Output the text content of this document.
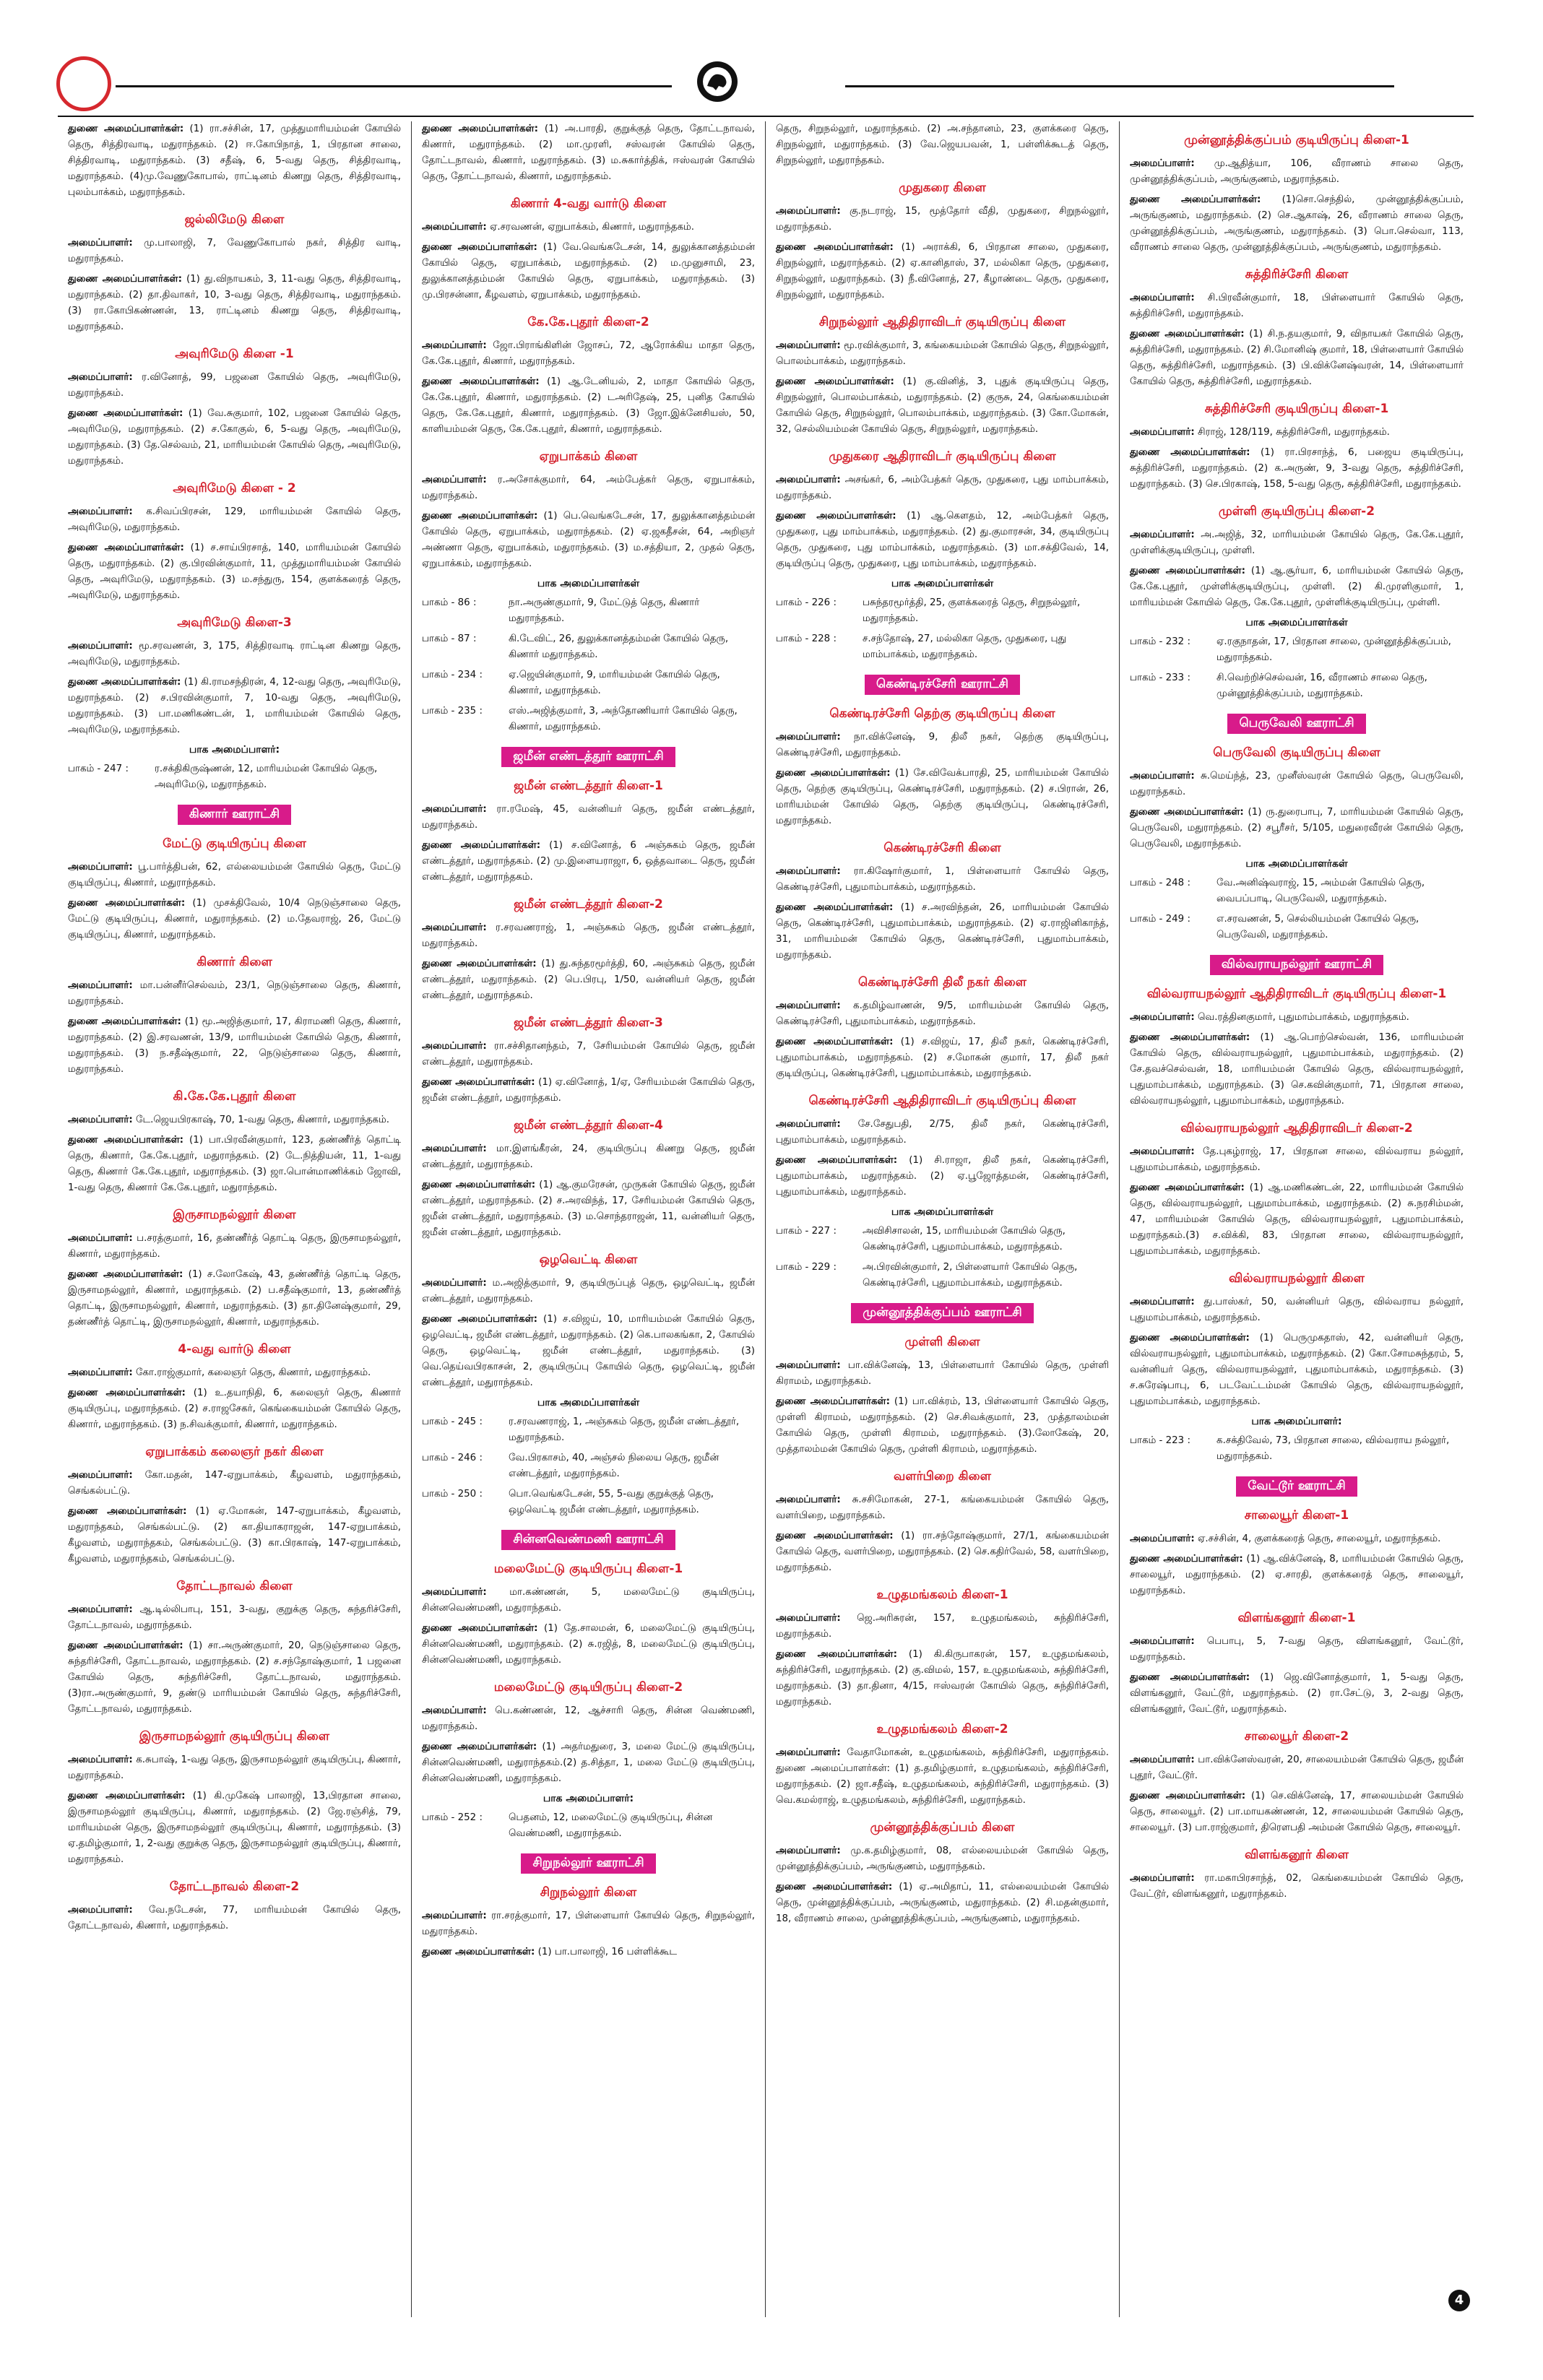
துணை அமைப்பாளர்கள்: (1) ரா.சச்சின், 17, முத்துமாரியம்மன் கோயில் தெரு, சித்திரவாடி, மதுராந்தகம். (2) ஈ.கோபிநாத், 1, பிரதான சாலை, சித்திரவாடி, மதுராந்தகம். (3) சதீஷ், 6, 5-வது தெரு, சித்திரவாடி, மதுராந்தகம். (4)மு.வேணுகோபால், ராட்டினம் கிணறு தெரு, சித்திரவாடி, புலம்பாக்கம், மதுராந்தகம்.

ஜல்லிமேடு கிளை

அமைப்பாளர்: மு.பாலாஜி, 7, வேணுகோபால் நகர், சித்திர வாடி, மதுராந்தகம்.

துணை அமைப்பாளர்கள்: (1) து.விநாயகம், 3, 11-வது தெரு, சித்திரவாடி, மதுராந்தகம். (2) தா.திவாகர், 10, 3-வது தெரு, சித்திரவாடி, மதுராந்தகம். (3) ரா.கோபிகண்ணன், 13, ராட்டினம் கிணறு தெரு, சித்திரவாடி, மதுராந்தகம்.

அவுரிமேடு கிளை -1

அமைப்பாளர்: ர.வினோத், 99, பஜனை கோயில் தெரு, அவுரிமேடு, மதுராந்தகம்.

துணை அமைப்பாளர்கள்: (1) வே.சுகுமார், 102, பஜனை கோயில் தெரு, அவுரிமேடு, மதுராந்தகம். (2) ச.கோகுல், 6, 5-வது தெரு, அவுரிமேடு, மதுராந்தகம். (3) தே.செல்வம், 21, மாரியம்மன் கோயில் தெரு, அவுரிமேடு, மதுராந்தகம்.

அவுரிமேடு கிளை - 2

அமைப்பாளர்: க.சிவப்பிரசன், 129, மாரியம்மன் கோயில் தெரு, அவுரிமேடு, மதுராந்தகம்.

துணை அமைப்பாளர்கள்: (1) ச.சாய்பிரசாத், 140, மாரியம்மன் கோயில் தெரு, மதுராந்தகம். (2) கு.பிரவின்குமார், 11, முத்துமாரியம்மன் கோயில் தெரு, அவுரிமேடு, மதுராந்தகம். (3) ம.சந்துரு, 154, குளக்கரைத் தெரு, அவுரிமேடு, மதுராந்தகம்.

அவுரிமேடு கிளை-3

அமைப்பாளர்: மூ.சரவணன், 3, 175, சித்திரவாடி ராட்டின கிணறு தெரு, அவுரிமேடு, மதுராந்தகம்.

துணை அமைப்பாளர்கள்: (1) கி.ராமசந்திரன், 4, 12-வது தெரு, அவுரிமேடு, மதுராந்தகம். (2) ச.பிரவின்குமார், 7, 10-வது தெரு, அவுரிமேடு, மதுராந்தகம். (3) பா.மணிகண்டன், 1, மாரியம்மன் கோயில் தெரு, அவுரிமேடு, மதுராந்தகம்.

பாக அமைப்பாளர்:
பாகம் - 247 :	ர.சக்திகிருஷ்ணன், 12, மாரியம்மன் கோயில் தெரு, அவுரிமேடு, மதுராந்தகம்.
கிணார் ஊராட்சி
மேட்டு குடியிருப்பு கிளை

அமைப்பாளர்: பூ.பார்த்திபன், 62, எல்லையம்மன் கோயில் தெரு, மேட்டு குடியிருப்பு, கிணார், மதுராந்தகம்.

துணை அமைப்பாளர்கள்: (1) முசக்திவேல், 10/4 நெடுஞ்சாலை தெரு, மேட்டு குடியிருப்பு, கிணார், மதுராந்தகம். (2) ம.தேவராஜ், 26, மேட்டு குடியிருப்பு, கிணார், மதுராந்தகம்.

கிணார் கிளை

அமைப்பாளர்: மா.பன்னீர்செல்வம், 23/1, நெடுஞ்சாலை தெரு, கிணார், மதுராந்தகம்.

துணை அமைப்பாளர்கள்: (1) மூ.அஜித்குமார், 17, கிராமணி தெரு, கிணார், மதுராந்தகம். (2) இ.சரவணன், 13/9, மாரியம்மன் கோயில் தெரு, கிணார், மதுராந்தகம். (3) ந.சதீஷ்குமார், 22, நெடுஞ்சாலை தெரு, கிணார், மதுராந்தகம்.

கி.கே.கே.புதூர் கிளை

அமைப்பாளர்: டே.ஜெயபிரகாஷ், 70, 1-வது தெரு, கிணார், மதுராந்தகம்.

துணை அமைப்பாளர்கள்: (1) பா.பிரவீன்குமார், 123, தண்ணீர்த் தொட்டி தெரு, கிணார், கே.கே.புதூர், மதுராந்தகம். (2) டே.நித்தியன், 11, 1-வது தெரு, கிணார் கே.கே.புதூர், மதுராந்தகம். (3) ஜா.பொன்மாணிக்கம் ஜோவி, 1-வது தெரு, கிணார் கே.கே.புதூர், மதுராந்தகம்.

இருசாமநல்லூர் கிளை

அமைப்பாளர்: ப.சரத்குமார், 16, தண்ணீர்த் தொட்டி தெரு, இருசாமநல்லூர், கிணார், மதுராந்தகம்.

துணை அமைப்பாளர்கள்: (1) ச.லோகேஷ், 43, தண்ணீர்த் தொட்டி தெரு, இருசாமநல்லூர், கிணார், மதுராந்தகம். (2) ப.சதீஷ்குமார், 13, தண்ணீர்த் தொட்டி, இருசாமநல்லூர், கிணார், மதுராந்தகம். (3) தா.தினேஷ்குமார், 29, தண்ணீர்த் தொட்டி, இருசாமநல்லூர், கிணார், மதுராந்தகம்.

4-வது வார்டு கிளை

அமைப்பாளர்: கோ.ராஜ்குமார், கலைஞர் தெரு, கிணார், மதுராந்தகம்.

துணை அமைப்பாளர்கள்: (1) உ.தயாநிதி, 6, கலைஞர் தெரு, கிணார் குடியிருப்பு, மதுராந்தகம். (2) ச.ராஜசேகர், கெங்கையம்மன் கோயில் தெரு, கிணார், மதுராந்தகம். (3) ந.சிவக்குமார், கிணார், மதுராந்தகம்.

ஏறுபாக்கம் கலைஞர் நகர் கிளை

அமைப்பாளர்: கோ.மதன், 147-ஏறுபாக்கம், கீழவளம், மதுராந்தகம், செங்கல்பட்டு.

துணை அமைப்பாளர்கள்: (1) ஏ.மோகன், 147-ஏறுபாக்கம், கீழவளம், மதுராந்தகம், செங்கல்பட்டு. (2) கா.தியாகராஜன், 147-ஏறுபாக்கம், கீழவளம், மதுராந்தகம், செங்கல்பட்டு. (3) கா.பிரகாஷ், 147-ஏறுபாக்கம், கீழவளம், மதுராந்தகம், செங்கல்பட்டு.

தோட்டநாவல் கிளை

அமைப்பாளர்: ஆ.டில்லிபாபு, 151, 3-வது, குறுக்கு தெரு, சுந்தரிச்சேரி, தோட்டநாவல், மதுராந்தகம்.

துணை அமைப்பாளர்கள்: (1) சா.அருண்குமார், 20, நெடுஞ்சாலை தெரு, சுந்தரிச்சேரி, தோட்டநாவல், மதுராந்தகம். (2) ச.சந்தோஷ்குமார், 1 பஜனை கோயில் தெரு, சுந்தரிச்சேரி, தோட்டநாவல், மதுராந்தகம். (3)ரா.அருண்குமார், 9, தண்டு மாரியம்மன் கோயில் தெரு, சுந்தரிச்சேரி, தோட்டநாவல், மதுராந்தகம்.

இருசாமநல்லூர் குடியிருப்பு கிளை

அமைப்பாளர்: க.சுபாஷ், 1-வது தெரு, இருசாமநல்லூர் குடியிருப்பு, கிணார், மதுராந்தகம்.

துணை அமைப்பாளர்கள்: (1) கி.முகேஷ் பாலாஜி, 13,பிரதான சாலை, இருசாமநல்லூர் குடியிருப்பு, கிணார், மதுராந்தகம். (2) ஜே.ரஞ்சித், 79, மாரியம்மன் தெரு, இருசாமநல்லூர் குடியிருப்பு, கிணார், மதுராந்தகம். (3) ஏ.தமிழ்குமார், 1, 2-வது குறுக்கு தெரு, இருசாமநல்லூர் குடியிருப்பு, கிணார், மதுராந்தகம்.

தோட்டநாவல் கிளை-2

அமைப்பாளர்: வே.நடேசன், 77, மாரியம்மன் கோயில் தெரு, தோட்டநாவல், கிணார், மதுராந்தகம்.

துணை அமைப்பாளர்கள்: (1) அ.பாரதி, குறுக்குத் தெரு, தோட்டநாவல், கிணார், மதுராந்தகம். (2) மா.முரளி, சஸ்வரன் கோயில் தெரு, தோட்டநாவல், கிணார், மதுராந்தகம். (3) ம.சுகார்த்திக், ஈஸ்வரன் கோயில் தெரு, தோட்டநாவல், கிணார், மதுராந்தகம்.

கிணார் 4-வது வார்டு கிளை

அமைப்பாளர்: ஏ.சரவணன், ஏறுபாக்கம், கிணார், மதுராந்தகம்.

துணை அமைப்பாளர்கள்: (1) வே.வெங்கடேசன், 14, துலுக்கானத்தம்மன் கோயில் தெரு, ஏறுபாக்கம், மதுராந்தகம். (2) ம.முனுசாமி, 23, துலுக்கானத்தம்மன் கோயில் தெரு, ஏறுபாக்கம், மதுராந்தகம். (3) மு.பிரசன்னா, கீழவளம், ஏறுபாக்கம், மதுராந்தகம்.

கே.கே.புதூர் கிளை-2

அமைப்பாளர்: ஜோ.பிராங்கிளின் ஜோசப், 72, ஆரோக்கிய மாதா தெரு, கே.கே.புதூர், கிணார், மதுராந்தகம்.

துணை அமைப்பாளர்கள்: (1) ஆ.டேனியல், 2, மாதா கோயில் தெரு, கே.கே.புதூர், கிணார், மதுராந்தகம். (2) டஅரிதேஷ், 25, புனித கோயில் தெரு, கே.கே.புதூர், கிணார், மதுராந்தகம். (3) ஜோ.இக்னேசியஸ், 50, காளியம்மன் தெரு, கே.கே.புதூர், கிணார், மதுராந்தகம்.

ஏறுபாக்கம் கிளை

அமைப்பாளர்: ர.அசோக்குமார், 64, அம்பேத்கர் தெரு, ஏறுபாக்கம், மதுராந்தகம்.

துணை அமைப்பாளர்கள்: (1) பெ.வெங்கடேசன், 17, துலுக்கானத்தம்மன் கோயில் தெரு, ஏறுபாக்கம், மதுராந்தகம். (2) ஏ.ஜகதீசன், 64, அறிஞர் அண்ணா தெரு, ஏறுபாக்கம், மதுராந்தகம். (3) ம.சத்தியா, 2, முதல் தெரு, ஏறுபாக்கம், மதுராந்தகம்.

பாக அமைப்பாளர்கள்
பாகம் - 86 :	நா.அருண்குமார், 9, மேட்டுத் தெரு, கிணார் மதுராந்தகம்.
பாகம் - 87 :	கி.டேவிட், 26, துலுக்கானத்தம்மன் கோயில் தெரு, கிணார் மதுராந்தகம்.
பாகம் - 234 :	ஏ.ஜெயின்குமார், 9, மாரியம்மன் கோயில் தெரு, கிணார், மதுராந்தகம்.
பாகம் - 235 :	எஸ்.அஜித்குமார், 3, அந்தோணியார் கோயில் தெரு, கிணார், மதுராந்தகம்.
ஜமீன் எண்டத்தூர் ஊராட்சி
ஜமீன் எண்டத்தூர் கிளை-1

அமைப்பாளர்: ரா.ரமேஷ், 45, வன்னியர் தெரு, ஜமீன் எண்டத்தூர், மதுராந்தகம்.

துணை அமைப்பாளர்கள்: (1) ச.வினோத், 6 அஞ்சுகம் தெரு, ஜமீன் எண்டத்தூர், மதுராந்தகம். (2) மு.இளையராஜா, 6, ஒத்தவாடை தெரு, ஜமீன் எண்டத்தூர், மதுராந்தகம்.

ஜமீன் எண்டத்தூர் கிளை-2

அமைப்பாளர்: ர.சரவணராஜ், 1, அஞ்சுகம் தெரு, ஜமீன் எண்டத்தூர், மதுராந்தகம்.

துணை அமைப்பாளர்கள்: (1) து.சுந்தரமூர்த்தி, 60, அஞ்சுகம் தெரு, ஜமீன் எண்டத்தூர், மதுராந்தகம். (2) பெ.பிரபு, 1/50, வன்னியர் தெரு, ஜமீன் எண்டத்தூர், மதுராந்தகம்.

ஜமீன் எண்டத்தூர் கிளை-3

அமைப்பாளர்: ரா.சச்சிதானந்தம், 7, சேரியம்மன் கோயில் தெரு, ஜமீன் எண்டத்தூர், மதுராந்தகம்.

துணை அமைப்பாளர்கள்: (1) ஏ.வினோத், 1/ஏ, சேரியம்மன் கோயில் தெரு, ஜமீன் எண்டத்தூர், மதுராந்தகம்.

ஜமீன் எண்டத்தூர் கிளை-4

அமைப்பாளர்: மா.இளங்கீரன், 24, குடியிருப்பு கிணறு தெரு, ஜமீன் எண்டத்தூர், மதுராந்தகம்.

துணை அமைப்பாளர்கள்: (1) ஆ.குமரேசன், முருகன் கோயில் தெரு, ஜமீன் எண்டத்தூர், மதுராந்தகம். (2) ச.அரவிந்த், 17, சேரியம்மன் கோயில் தெரு, ஜமீன் எண்டத்தூர், மதுராந்தகம். (3) ம.சொந்தராஜன், 11, வன்னியர் தெரு, ஜமீன் எண்டத்தூர், மதுராந்தகம்.

ஒழவெட்டி கிளை

அமைப்பாளர்: ம.அஜித்குமார், 9, குடியிருப்புத் தெரு, ஒழவெட்டி, ஜமீன் எண்டத்தூர், மதுராந்தகம்.

துணை அமைப்பாளர்கள்: (1) ச.விஜய், 10, மாரியம்மன் கோயில் தெரு, ஒழவெட்டி, ஜமீன் எண்டத்தூர், மதுராந்தகம். (2) கெ.பாலகங்கா, 2, கோயில் தெரு, ஒழவெட்டி, ஜமீன் எண்டத்தூர், மதுராந்தகம். (3) வெ.தெய்வபிரகாசன், 2, குடியிருப்பு கோயில் தெரு, ஒழவெட்டி, ஜமீன் எண்டத்தூர், மதுராந்தகம்.

பாக அமைப்பாளர்கள்
பாகம் - 245 :	ர.சரவணராஜ், 1, அஞ்சுகம் தெரு, ஜமீன் எண்டத்தூர், மதுராந்தகம்.
பாகம் - 246 :	வே.பிரகாசம், 40, அஞ்சல் நிலைய தெரு, ஜமீன் எண்டத்தூர், மதுராந்தகம்.
பாகம் - 250 :	பொ.வெங்கடேசன், 55, 5-வது குறுக்குத் தெரு, ஒழவெட்டி ஜமீன் எண்டத்தூர், மதுராந்தகம்.
சின்னவெண்மணி ஊராட்சி
மலைமேட்டு குடியிருப்பு கிளை-1

அமைப்பாளர்: மா.கண்ணன், 5, மலைமேட்டு குடியிருப்பு, சின்னவெண்மணி, மதுராந்தகம்.

துணை அமைப்பாளர்கள்: (1) தே.சாலமன், 6, மலைமேட்டு குடியிருப்பு, சின்னவெண்மணி, மதுராந்தகம். (2) சு.ரஜித், 8, மலைமேட்டு குடியிருப்பு, சின்னவெண்மணி, மதுராந்தகம்.

மலைமேட்டு குடியிருப்பு கிளை-2

அமைப்பாளர்: பெ.கண்ணன், 12, ஆச்சாரி தெரு, சின்ன வெண்மணி, மதுராந்தகம்.

துணை அமைப்பாளர்கள்: (1) அதர்மதுரை, 3, மலை மேட்டு குடியிருப்பு, சின்னவெண்மணி, மதுராந்தகம்.(2) த.சித்தா, 1, மலை மேட்டு குடியிருப்பு, சின்னவெண்மணி, மதுராந்தகம்.

பாக அமைப்பாளர்:
பாகம் - 252 :	பெதனம், 12, மலைமேட்டு குடியிருப்பு, சின்ன வெண்மணி, மதுராந்தகம்.
சிறுநல்லூர் ஊராட்சி
சிறுநல்லூர் கிளை

அமைப்பாளர்: ரா.சரத்குமார், 17, பிள்ளையார் கோயில் தெரு, சிறுநல்லூர், மதுராந்தகம்.

துணை அமைப்பாளர்கள்: (1) பா.பாலாஜி, 16 பள்ளிக்கூட

தெரு, சிறுநல்லூர், மதுராந்தகம். (2) அ.சந்தானம், 23, குளக்கரை தெரு, சிறுநல்லூர், மதுராந்தகம். (3) வே.ஜெயபவன், 1, பள்ளிக்கூடத் தெரு, சிறுநல்லூர், மதுராந்தகம்.

முதுகரை கிளை

அமைப்பாளர்: கு.நடராஜ், 15, மூத்தோர் வீதி, முதுகரை, சிறுநல்லூர், மதுராந்தகம்.

துணை அமைப்பாளர்கள்: (1) அராக்கி, 6, பிரதான சாலை, முதுகரை, சிறுநல்லூர், மதுராந்தகம். (2) ஏ.கானிதாஸ், 37, மல்லிகா தெரு, முதுகரை, சிறுநல்லூர், மதுராந்தகம். (3) நீ.வினோத், 27, கீழாண்டை தெரு, முதுகரை, சிறுநல்லூர், மதுராந்தகம்.

சிறுநல்லூர் ஆதிதிராவிடர் குடியிருப்பு கிளை

அமைப்பாளர்: மூ.ரவிக்குமார், 3, கங்கையம்மன் கோயில் தெரு, சிறுநல்லூர், பொலம்பாக்கம், மதுராந்தகம்.

துணை அமைப்பாளர்கள்: (1) கு.வினித், 3, புதுக் குடியிருப்பு தெரு, சிறுநல்லூர், பொலம்பாக்கம், மதுராந்தகம். (2) குருசு, 24, கெங்கையம்மன் கோயில் தெரு, சிறுநல்லூர், பொலம்பாக்கம், மதுராந்தகம். (3) கோ.மோகன், 32, செல்லியம்மன் கோயில் தெரு, சிறுநல்லூர், மதுராந்தகம்.

முதுகரை ஆதிராவிடர் குடியிருப்பு கிளை

அமைப்பாளர்: அசங்கர், 6, அம்பேத்கர் தெரு, முதுகரை, புது மாம்பாக்கம், மதுராந்தகம்.

துணை அமைப்பாளர்கள்: (1) ஆ.கௌதம், 12, அம்பேத்கர் தெரு, முதுகரை, புது மாம்பாக்கம், மதுராந்தகம். (2) து.குமாரசன், 34, குடியிருப்பு தெரு, முதுகரை, புது மாம்பாக்கம், மதுராந்தகம். (3) மா.சக்திவேல், 14, குடியிருப்பு தெரு, முதுகரை, புது மாம்பாக்கம், மதுராந்தகம்.

பாக அமைப்பாளர்கள்
பாகம் - 226 :	பசுந்தரமூர்த்தி, 25, குளக்கரைத் தெரு, சிறுநல்லூர், மதுராந்தகம்.
பாகம் - 228 :	ச.சந்தோஷ், 27, மல்லிகா தெரு, முதுகரை, புது மாம்பாக்கம், மதுராந்தகம்.
கெண்டிரச்சேரி ஊராட்சி
கெண்டிரச்சேரி தெற்கு குடியிருப்பு கிளை

அமைப்பாளர்: நா.விக்னேஷ், 9, திலீ நகர், தெற்கு குடியிருப்பு, கெண்டிரச்சேரி, மதுராந்தகம்.

துணை அமைப்பாளர்கள்: (1) சே.விவேக்பாரதி, 25, மாரியம்மன் கோயில் தெரு, தெற்கு குடியிருப்பு, கெண்டிரச்சேரி, மதுராந்தகம். (2) ச.பிரான், 26, மாரியம்மன் கோயில் தெரு, தெற்கு குடியிருப்பு, கெண்டிரச்சேரி, மதுராந்தகம்.

கெண்டிரச்சேரி கிளை

அமைப்பாளர்: ரா.கிஷோர்குமார், 1, பிள்ளையார் கோயில் தெரு, கெண்டிரச்சேரி, புதுமாம்பாக்கம், மதுராந்தகம்.

துணை அமைப்பாளர்கள்: (1) ச.அரவிந்தன், 26, மாரியம்மன் கோயில் தெரு, கெண்டிரச்சேரி, புதுமாம்பாக்கம், மதுராந்தகம். (2) ஏ.ராஜினிகாந்த், 31, மாரியம்மன் கோயில் தெரு, கெண்டிரச்சேரி, புதுமாம்பாக்கம், மதுராந்தகம்.

கெண்டிரச்சேரி திலீ நகர் கிளை

அமைப்பாளர்: க.தமிழ்வாணன், 9/5, மாரியம்மன் கோயில் தெரு, கெண்டிரச்சேரி, புதுமாம்பாக்கம், மதுராந்தகம்.

துணை அமைப்பாளர்கள்: (1) ச.விஜய், 17, திலீ நகர், கெண்டிரச்சேரி, புதுமாம்பாக்கம், மதுராந்தகம். (2) ச.மோகன் குமார், 17, திலீ நகர் குடியிருப்பு, கெண்டிரச்சேரி, புதுமாம்பாக்கம், மதுராந்தகம்.

கெண்டிரச்சேரி ஆதிதிராவிடர் குடியிருப்பு கிளை

அமைப்பாளர்: சே.சேதுபதி, 2/75, திலீ நகர், கெண்டிரச்சேரி, புதுமாம்பாக்கம், மதுராந்தகம்.

துணை அமைப்பாளர்கள்: (1) சி.ராஜா, திலீ நகர், கெண்டிரச்சேரி, புதுமாம்பாக்கம், மதுராந்தகம். (2) ஏ.பூஜோத்தமன், கெண்டிரச்சேரி, புதுமாம்பாக்கம், மதுராந்தகம்.

பாக அமைப்பாளர்கள்
பாகம் - 227 :	அவிசிசாலன், 15, மாரியம்மன் கோயில் தெரு, கெண்டிரச்சேரி, புதுமாம்பாக்கம், மதுராந்தகம்.
பாகம் - 229 :	அ.பிரவின்குமார், 2, பிள்ளையார் கோயில் தெரு, கெண்டிரச்சேரி, புதுமாம்பாக்கம், மதுராந்தகம்.
முன்னூத்திக்குப்பம் ஊராட்சி
முள்ளி கிளை

அமைப்பாளர்: பா.விக்னேஷ், 13, பிள்ளையார் கோயில் தெரு, முள்ளி கிராமம், மதுராந்தகம்.

துணை அமைப்பாளர்கள்: (1) பா.விக்ரம், 13, பிள்ளையார் கோயில் தெரு, முள்ளி கிராமம், மதுராந்தகம். (2) செ.சிவக்குமார், 23, முத்தாலம்மன் கோயில் தெரு, முள்ளி கிராமம், மதுராந்தகம். (3).லோகேஷ், 20, முத்தாலம்மன் கோயில் தெரு, முள்ளி கிராமம், மதுராந்தகம்.

வளர்பிறை கிளை

அமைப்பாளர்: சு.சசிமோகன், 27-1, கங்கையம்மன் கோயில் தெரு, வளர்பிறை, மதுராந்தகம்.

துணை அமைப்பாளர்கள்: (1) ரா.சந்தோஷ்குமார், 27/1, கங்கையம்மன் கோயில் தெரு, வளர்பிறை, மதுராந்தகம். (2) செ.கதிர்வேல், 58, வளர்பிறை, மதுராந்தகம்.

உழுதமங்கலம் கிளை-1

அமைப்பாளர்: ஜெ.அரிசுரன், 157, உழுதமங்கலம், சுந்திரிச்சேரி, மதுராந்தகம்.

துணை அமைப்பாளர்கள்: (1) கி.கிருபாகரன், 157, உழுதமங்கலம், சுந்திரிச்சேரி, மதுராந்தகம். (2) கு.விமல், 157, உழுதமங்கலம், சுந்திரிச்சேரி, மதுராந்தகம். (3) தா.தினா, 4/15, ஈஸ்வரன் கோயில் தெரு, சுந்திரிச்சேரி, மதுராந்தகம்.

உழுதமங்கலம் கிளை-2

அமைப்பாளர்: வேதாமோகன், உழுதமங்கலம், சுந்திரிச்சேரி, மதுராந்தகம். துணை அமைப்பாளர்கள்: (1) த.தமிழ்குமார், உழுதமங்கலம், சுந்திரிச்சேரி, மதுராந்தகம். (2) ஜா.சதீஷ், உழுதமங்கலம், சுந்திரிச்சேரி, மதுராந்தகம். (3) வெ.கமல்ராஜ், உழுதமங்கலம், சுந்திரிச்சேரி, மதுராந்தகம்.

முன்னூத்திக்குப்பம் கிளை

அமைப்பாளர்: மு.க.தமிழ்குமார், 08, எல்லையம்மன் கோயில் தெரு, முன்னூத்திக்குப்பம், அருங்குணம், மதுராந்தகம்.

துணை அமைப்பாளர்கள்: (1) ஏ.அமிதாப், 11, எல்லையம்மன் கோயில் தெரு, முன்னூத்திக்குப்பம், அருங்குணம், மதுராந்தகம். (2) சி.மதன்குமார், 18, வீராணம் சாலை, முன்னூத்திக்குப்பம், அருங்குணம், மதுராந்தகம்.

முன்னூத்திக்குப்பம் குடியிருப்பு கிளை-1

அமைப்பாளர்: மு.ஆதித்யா, 106, வீராணம் சாலை தெரு, முன்னூத்திக்குப்பம், அருங்குணம், மதுராந்தகம்.

துணை அமைப்பாளர்கள்: (1)சொ.செந்தில், முன்னூத்திக்குப்பம், அருங்குணம், மதுராந்தகம். (2) செ.ஆகாஷ், 26, வீராணம் சாலை தெரு, முன்னூத்திக்குப்பம், அருங்குணம், மதுராந்தகம். (3) பொ.செல்வா, 113, வீராணம் சாலை தெரு, முன்னூத்திக்குப்பம், அருங்குணம், மதுராந்தகம்.

சுத்திரிச்சேரி கிளை

அமைப்பாளர்: சி.பிரவீன்குமார், 18, பிள்ளையார் கோயில் தெரு, சுத்திரிச்சேரி, மதுராந்தகம்.

துணை அமைப்பாளர்கள்: (1) சி.ந.தயகுமார், 9, விநாயகர் கோயில் தெரு, சுத்திரிச்சேரி, மதுராந்தகம். (2) சி.மோனிஷ் குமார், 18, பிள்ளையார் கோயில் தெரு, சுத்திரிச்சேரி, மதுராந்தகம். (3) பி.விக்னேஷ்வரன், 14, பிள்ளையார் கோயில் தெரு, சுத்திரிச்சேரி, மதுராந்தகம்.

சுத்திரிச்சேரி குடியிருப்பு கிளை-1

அமைப்பாளர்: சிராஜ், 128/119, சுத்திரிச்சேரி, மதுராந்தகம்.

துணை அமைப்பாளர்கள்: (1) ரா.பிரசாந்த், 6, பஜைய குடியிருப்பு, சுத்திரிச்சேரி, மதுராந்தகம். (2) க.அருண், 9, 3-வது தெரு, சுத்திரிச்சேரி, மதுராந்தகம். (3) செ.பிரகாஷ், 158, 5-வது தெரு, சுத்திரிச்சேரி, மதுராந்தகம்.

முள்ளி குடியிருப்பு கிளை-2

அமைப்பாளர்: அ.அஜித், 32, மாரியம்மன் கோயில் தெரு, கே.கே.புதூர், முள்ளிக்குடியிருப்பு, முள்ளி.

துணை அமைப்பாளர்கள்: (1) ஆ.சூர்யா, 6, மாரியம்மன் கோயில் தெரு, கே.கே.புதூர், முள்ளிக்குடியிருப்பு, முள்ளி. (2) கி.முரளிகுமார், 1, மாரியம்மன் கோயில் தெரு, கே.கே.புதூர், முள்ளிக்குடியிருப்பு, முள்ளி.

பாக அமைப்பாளர்கள்
பாகம் - 232 :	ஏ.ரகுநாதன், 17, பிரதான சாலை, முன்னூத்திக்குப்பம், மதுராந்தகம்.
பாகம் - 233 :	சி.வெற்றிச்செல்வன், 16, வீராணம் சாலை தெரு, முன்னூத்திக்குப்பம், மதுராந்தகம்.
பெருவேலி ஊராட்சி
பெருவேலி குடியிருப்பு கிளை

அமைப்பாளர்: சு.மெய்ந்த், 23, முனீஸ்வரன் கோயில் தெரு, பெருவேலி, மதுராந்தகம்.

துணை அமைப்பாளர்கள்: (1) ரு.துரைபாபு, 7, மாரியம்மன் கோயில் தெரு, பெருவேலி, மதுராந்தகம். (2) சபூரீசர், 5/105, மதுரைவீரன் கோயில் தெரு, பெருவேலி, மதுராந்தகம்.

பாக அமைப்பாளர்கள்
பாகம் - 248 :	வே.அனிஷ்வராஜ், 15, அம்மன் கோயில் தெரு, வைபப்பாடி, பெருவேலி, மதுராந்தகம்.
பாகம் - 249 :	எ.சரவணன், 5, செல்லியம்மன் கோயில் தெரு, பெருவேலி, மதுராந்தகம்.
வில்வராயநல்லூர் ஊராட்சி
வில்வராயநல்லூர் ஆதிதிராவிடர் குடியிருப்பு கிளை-1

அமைப்பாளர்: வெ.ரத்தினகுமார், புதுமாம்பாக்கம், மதுராந்தகம்.

துணை அமைப்பாளர்கள்: (1) ஆ.பொற்செல்வன், 136, மாரியம்மன் கோயில் தெரு, வில்வராயநல்லூர், புதுமாம்பாக்கம், மதுராந்தகம். (2) சே.தவச்செல்வன், 18, மாரியம்மன் கோயில் தெரு, வில்வராயநல்லூர், புதுமாம்பாக்கம், மதுராந்தகம். (3) செ.கவின்குமார், 71, பிரதான சாலை, வில்வராயநல்லூர், புதுமாம்பாக்கம், மதுராந்தகம்.

வில்வராயநல்லூர் ஆதிதிராவிடர் கிளை-2

அமைப்பாளர்: தே.புகழ்ராஜ், 17, பிரதான சாலை, வில்வராய நல்லூர், புதுமாம்பாக்கம், மதுராந்தகம்.

துணை அமைப்பாளர்கள்: (1) ஆ.மணிகண்டன், 22, மாரியம்மன் கோயில் தெரு, வில்வராயநல்லூர், புதுமாம்பாக்கம், மதுராந்தகம். (2) சு.நரசிம்மன், 47, மாரியம்மன் கோயில் தெரு, வில்வராயநல்லூர், புதுமாம்பாக்கம், மதுராந்தகம்.(3) ச.விக்கி, 83, பிரதான சாலை, வில்வராயநல்லூர், புதுமாம்பாக்கம், மதுராந்தகம்.

வில்வராயநல்லூர் கிளை

அமைப்பாளர்: து.பாஸ்கர், 50, வன்னியர் தெரு, வில்வராய நல்லூர், புதுமாம்பாக்கம், மதுராந்தகம்.

துணை அமைப்பாளர்கள்: (1) பெருமுகதாஸ், 42, வன்னியர் தெரு, வில்வராயநல்லூர், புதுமாம்பாக்கம், மதுராந்தகம். (2) கோ.சோமசுந்தரம், 5, வன்னியர் தெரு, வில்வராயநல்லூர், புதுமாம்பாக்கம், மதுராந்தகம். (3) ச.சுரேஷ்பாபு, 6, படவேட்டம்மன் கோயில் தெரு, வில்வராயநல்லூர், புதுமாம்பாக்கம், மதுராந்தகம்.

பாக அமைப்பாளர்:
பாகம் - 223 :	க.சக்திவேல், 73, பிரதான சாலை, வில்வராய நல்லூர், மதுராந்தகம்.
வேட்டூர் ஊராட்சி
சாலையூர் கிளை-1

அமைப்பாளர்: ஏ.சச்சின், 4, குளக்கரைத் தெரு, சாலையூர், மதுராந்தகம்.

துணை அமைப்பாளர்கள்: (1) ஆ.விக்னேஷ், 8, மாரியம்மன் கோயில் தெரு, சாலையூர், மதுராந்தகம். (2) ஏ.சாரதி, குளக்கரைத் தெரு, சாலையூர், மதுராந்தகம்.

விளங்கனூர் கிளை-1

அமைப்பாளர்: பெபாபு, 5, 7-வது தெரு, விளங்கனூர், வேட்டூர், மதுராந்தகம்.

துணை அமைப்பாளர்கள்: (1) ஜெ.வினோத்குமார், 1, 5-வது தெரு, விளங்கனூர், வேட்டூர், மதுராந்தகம். (2) ரா.சேட்டு, 3, 2-வது தெரு, விளங்கனூர், வேட்டூர், மதுராந்தகம்.

சாலையூர் கிளை-2

அமைப்பாளர்: பா.விக்னேஸ்வரன், 20, சாலையம்மன் கோயில் தெரு, ஜமீன் புதூர், வேட்டூர்.

துணை அமைப்பாளர்கள்: (1) செ.விக்னேஷ், 17, சாலையம்மன் கோயில் தெரு, சாலையூர். (2) பா.மாயகண்ணன், 12, சாலையம்மன் கோயில் தெரு, சாலையூர். (3) பா.ராஜ்குமார், திரௌபதி அம்மன் கோயில் தெரு, சாலையூர்.

விளங்கனூர் கிளை

அமைப்பாளர்: ரா.மகாபிரசாந்த், 02, கெங்கையம்மன் கோயில் தெரு, வேட்டூர், விளங்கனூர், மதுராந்தகம்.

4
